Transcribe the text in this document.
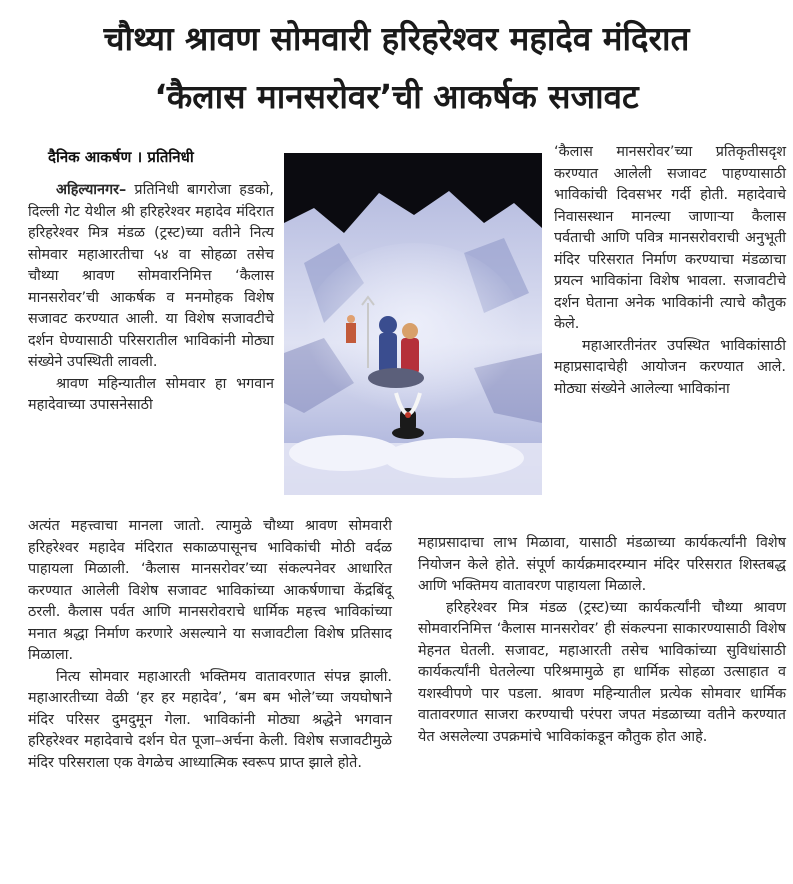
चौथ्या श्रावण सोमवारी हरिहरेश्वर महादेव मंदिरात
‘कैलास मानसरोवर’ची आकर्षक सजावट
दैनिक आकर्षण । प्रतिनिधी

अहिल्यानगर– प्रतिनिधी बागरोजा हडको, दिल्ली गेट येथील श्री हरिहरेश्वर महादेव मंदिरात हरिहरेश्वर मित्र मंडळ (ट्रस्ट)च्या वतीने नित्य सोमवार महाआरतीचा ५४ वा सोहळा तसेच चौथ्या श्रावण सोमवारनिमित्त ‘कैलास मानसरोवर’ची आकर्षक व मनमोहक विशेष सजावट करण्यात आली. या विशेष सजावटीचे दर्शन घेण्यासाठी परिसरातील भाविकांनी मोठ्या संख्येने उपस्थिती लावली.

श्रावण महिन्यातील सोमवार हा भगवान महादेवाच्या उपासनेसाठी

अत्यंत महत्त्वाचा मानला जातो. त्यामुळे चौथ्या श्रावण सोमवारी हरिहरेश्वर महादेव मंदिरात सकाळपासूनच भाविकांची मोठी वर्दळ पाहायला मिळाली. ‘कैलास मानसरोवर’च्या संकल्पनेवर आधारित करण्यात आलेली विशेष सजावट भाविकांच्या आकर्षणाचा केंद्रबिंदू ठरली. कैलास पर्वत आणि मानसरोवराचे धार्मिक महत्त्व भाविकांच्या मनात श्रद्धा निर्माण करणारे असल्याने या सजावटीला विशेष प्रतिसाद मिळाला.

नित्य सोमवार महाआरती भक्तिमय वातावरणात संपन्न झाली. महाआरतीच्या वेळी ‘हर हर महादेव’, ‘बम बम भोले’च्या जयघोषाने मंदिर परिसर दुमदुमून गेला. भाविकांनी मोठ्या श्रद्धेने भगवान हरिहरेश्वर महादेवाचे दर्शन घेत पूजा–अर्चना केली. विशेष सजावटीमुळे मंदिर परिसराला एक वेगळेच आध्यात्मिक स्वरूप प्राप्त झाले होते.

‘कैलास मानसरोवर’च्या प्रतिकृतीसदृश करण्यात आलेली सजावट पाहण्यासाठी भाविकांची दिवसभर गर्दी होती. महादेवाचे निवासस्थान मानल्या जाणाऱ्या कैलास पर्वताची आणि पवित्र मानसरोवराची अनुभूती मंदिर परिसरात निर्माण करण्याचा मंडळाचा प्रयत्न भाविकांना विशेष भावला. सजावटीचे दर्शन घेताना अनेक भाविकांनी त्याचे कौतुक केले.

महाआरतीनंतर उपस्थित भाविकांसाठी महाप्रसादाचेही आयोजन करण्यात आले. मोठ्या संख्येने आलेल्या भाविकांना

महाप्रसादाचा लाभ मिळावा, यासाठी मंडळाच्या कार्यकर्त्यांनी विशेष नियोजन केले होते. संपूर्ण कार्यक्रमादरम्यान मंदिर परिसरात शिस्तबद्ध आणि भक्तिमय वातावरण पाहायला मिळाले.

हरिहरेश्वर मित्र मंडळ (ट्रस्ट)च्या कार्यकर्त्यांनी चौथ्या श्रावण सोमवारनिमित्त ‘कैलास मानसरोवर’ ही संकल्पना साकारण्यासाठी विशेष मेहनत घेतली. सजावट, महाआरती तसेच भाविकांच्या सुविधांसाठी कार्यकर्त्यांनी घेतलेल्या परिश्रमामुळे हा धार्मिक सोहळा उत्साहात व यशस्वीपणे पार पडला. श्रावण महिन्यातील प्रत्येक सोमवार धार्मिक वातावरणात साजरा करण्याची परंपरा जपत मंडळाच्या वतीने करण्यात येत असलेल्या उपक्रमांचे भाविकांकडून कौतुक होत आहे.
